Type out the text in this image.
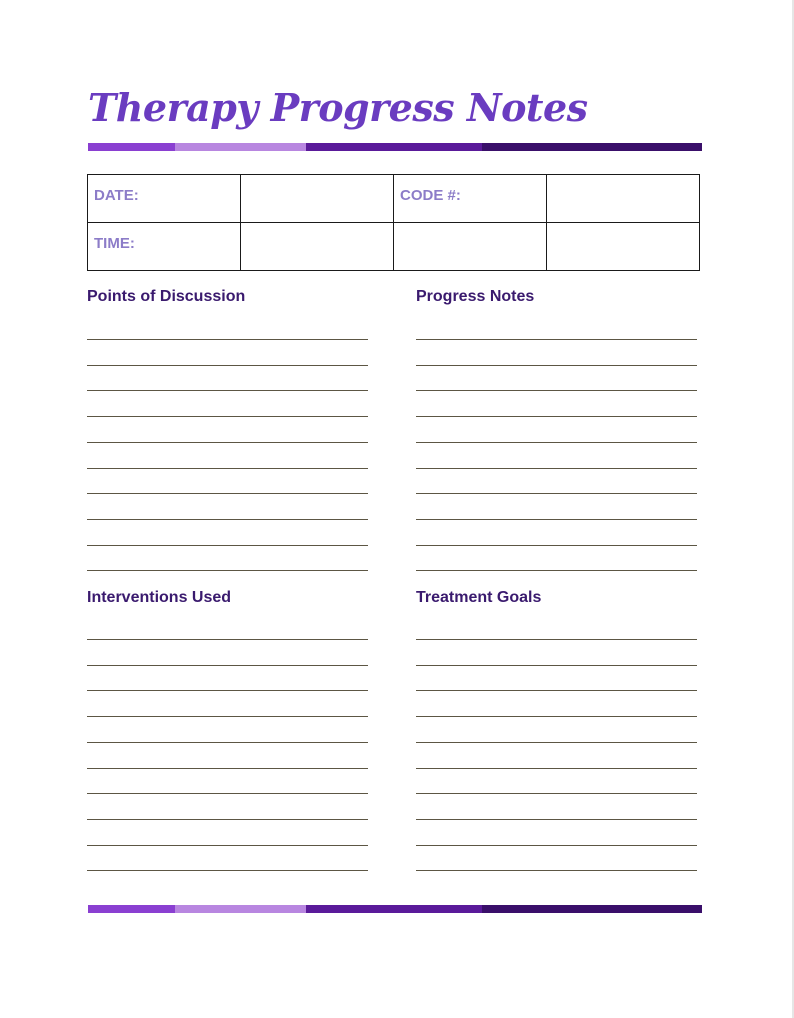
Therapy Progress Notes
DATE:		CODE #:	

TIME:			

Points of Discussion	Progress Notes
Interventions Used	Treatment Goals
